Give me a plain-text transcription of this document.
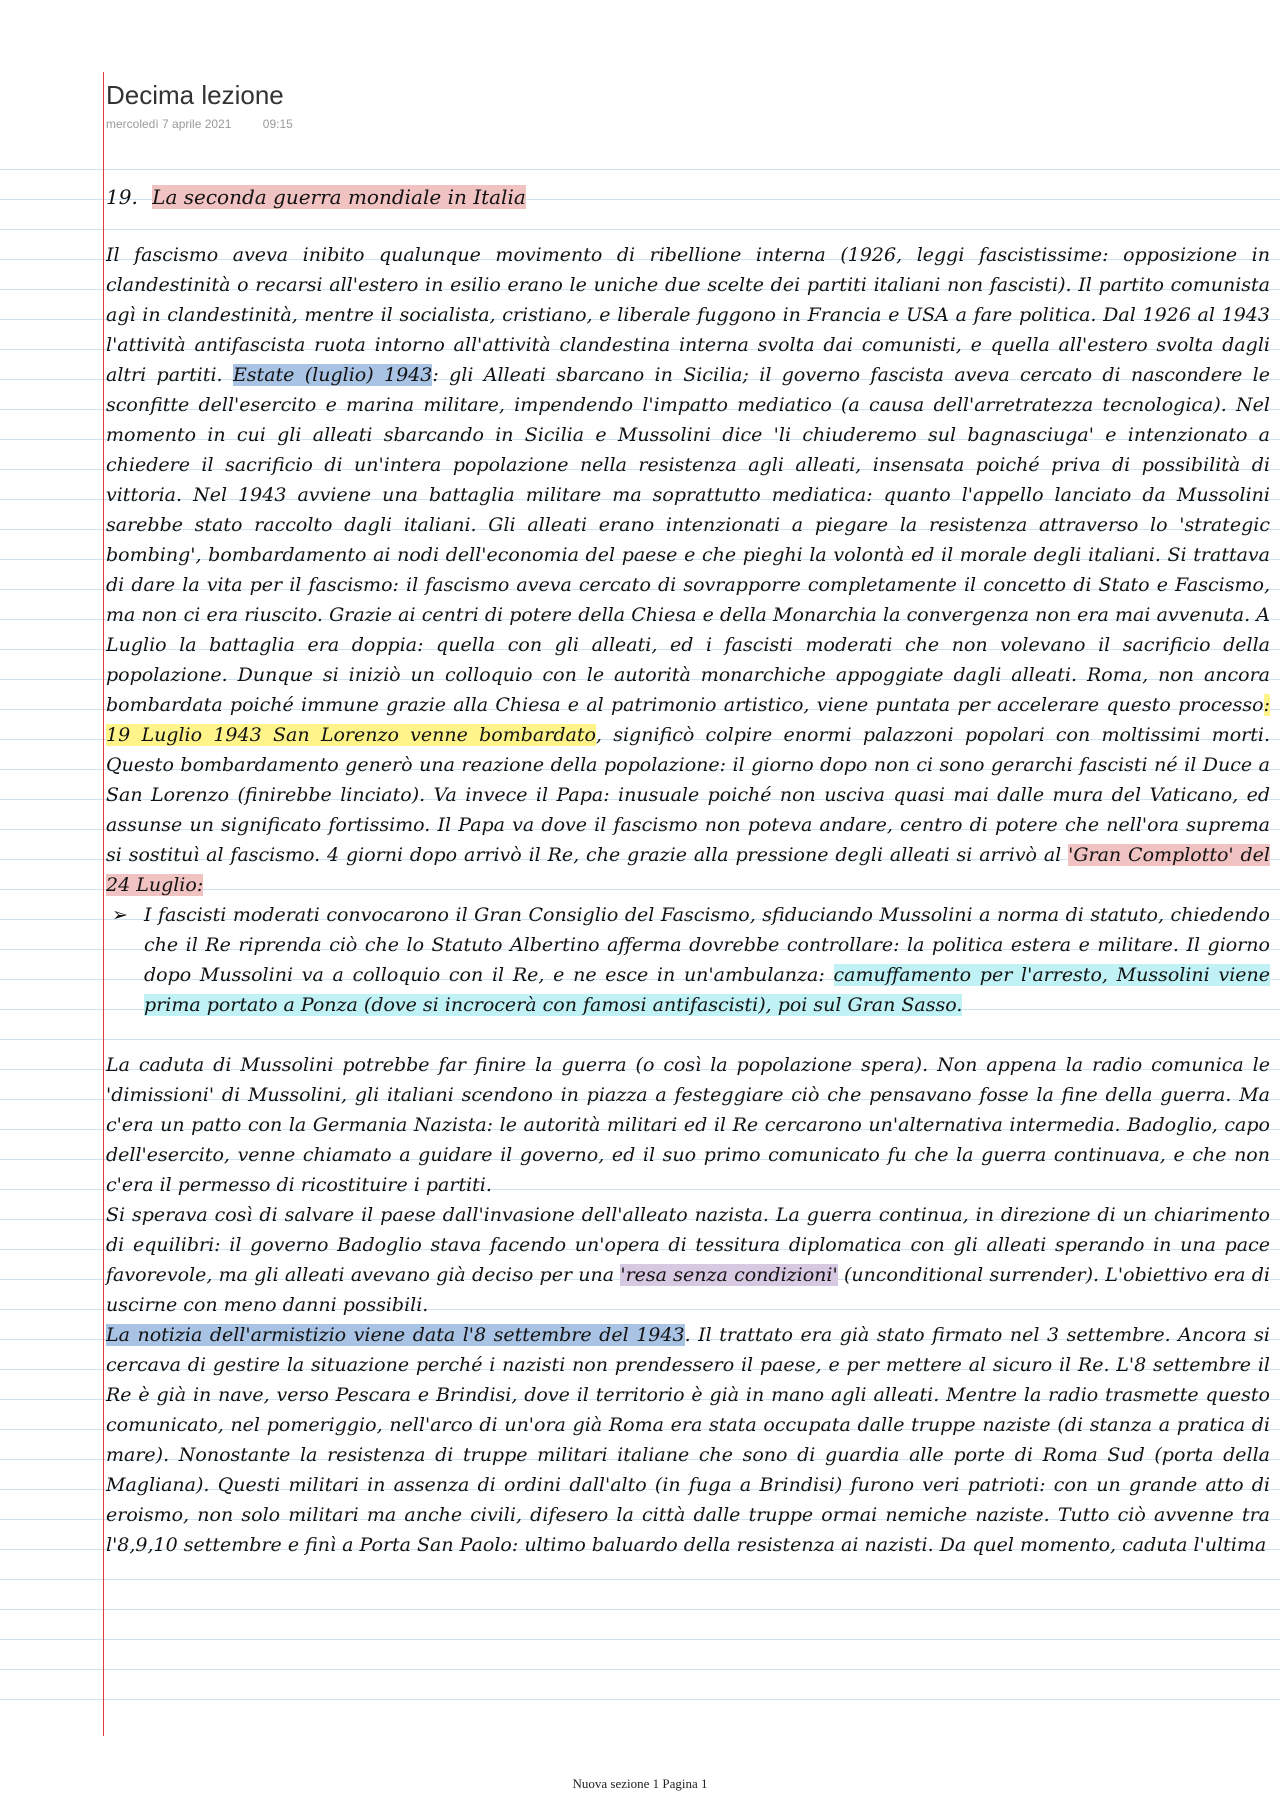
Decima lezione
mercoledì 7 aprile 2021	09:15
19. La seconda guerra mondiale in Italia

Il fascismo aveva inibito qualunque movimento di ribellione interna (1926, leggi fascistissime: opposizione in clandestinità o recarsi all'estero in esilio erano le uniche due scelte dei partiti italiani non fascisti). Il partito comunista agì in clandestinità, mentre il socialista, cristiano, e liberale fuggono in Francia e USA a fare politica. Dal 1926 al 1943 l'attività antifascista ruota intorno all'attività clandestina interna svolta dai comunisti, e quella all'estero svolta dagli altri partiti. Estate (luglio) 1943: gli Alleati sbarcano in Sicilia; il governo fascista aveva cercato di nascondere le sconfitte dell'esercito e marina militare, impendendo l'impatto mediatico (a causa dell'arretratezza tecnologica). Nel momento in cui gli alleati sbarcando in Sicilia e Mussolini dice 'li chiuderemo sul bagnasciuga' e intenzionato a chiedere il sacrificio di un'intera popolazione nella resistenza agli alleati, insensata poiché priva di possibilità di vittoria. Nel 1943 avviene una battaglia militare ma soprattutto mediatica: quanto l'appello lanciato da Mussolini sarebbe stato raccolto dagli italiani. Gli alleati erano intenzionati a piegare la resistenza attraverso lo 'strategic bombing', bombardamento ai nodi dell'economia del paese e che pieghi la volontà ed il morale degli italiani. Si trattava di dare la vita per il fascismo: il fascismo aveva cercato di sovrapporre completamente il concetto di Stato e Fascismo, ma non ci era riuscito. Grazie ai centri di potere della Chiesa e della Monarchia la convergenza non era mai avvenuta. A Luglio la battaglia era doppia: quella con gli alleati, ed i fascisti moderati che non volevano il sacrificio della popolazione. Dunque si iniziò un colloquio con le autorità monarchiche appoggiate dagli alleati. Roma, non ancora bombardata poiché immune grazie alla Chiesa e al patrimonio artistico, viene puntata per accelerare questo processo: 19 Luglio 1943 San Lorenzo venne bombardato, significò colpire enormi palazzoni popolari con moltissimi morti. Questo bombardamento generò una reazione della popolazione: il giorno dopo non ci sono gerarchi fascisti né il Duce a San Lorenzo (finirebbe linciato). Va invece il Papa: inusuale poiché non usciva quasi mai dalle mura del Vaticano, ed assunse un significato fortissimo. Il Papa va dove il fascismo non poteva andare, centro di potere che nell'ora suprema si sostituì al fascismo. 4 giorni dopo arrivò il Re, che grazie alla pressione degli alleati si arrivò al 'Gran Complotto' del 24 Luglio:

➢ I fascisti moderati convocarono il Gran Consiglio del Fascismo, sfiduciando Mussolini a norma di statuto, chiedendo che il Re riprenda ciò che lo Statuto Albertino afferma dovrebbe controllare: la politica estera e militare. Il giorno dopo Mussolini va a colloquio con il Re, e ne esce in un'ambulanza: camuffamento per l'arresto, Mussolini viene prima portato a Ponza (dove si incrocerà con famosi antifascisti), poi sul Gran Sasso.

La caduta di Mussolini potrebbe far finire la guerra (o così la popolazione spera). Non appena la radio comunica le 'dimissioni' di Mussolini, gli italiani scendono in piazza a festeggiare ciò che pensavano fosse la fine della guerra. Ma c'era un patto con la Germania Nazista: le autorità militari ed il Re cercarono un'alternativa intermedia. Badoglio, capo dell'esercito, venne chiamato a guidare il governo, ed il suo primo comunicato fu che la guerra continuava, e che non c'era il permesso di ricostituire i partiti.

Si sperava così di salvare il paese dall'invasione dell'alleato nazista. La guerra continua, in direzione di un chiarimento di equilibri: il governo Badoglio stava facendo un'opera di tessitura diplomatica con gli alleati sperando in una pace favorevole, ma gli alleati avevano già deciso per una 'resa senza condizioni' (unconditional surrender). L'obiettivo era di uscirne con meno danni possibili.

La notizia dell'armistizio viene data l'8 settembre del 1943. Il trattato era già stato firmato nel 3 settembre. Ancora si cercava di gestire la situazione perché i nazisti non prendessero il paese, e per mettere al sicuro il Re. L'8 settembre il Re è già in nave, verso Pescara e Brindisi, dove il territorio è già in mano agli alleati. Mentre la radio trasmette questo comunicato, nel pomeriggio, nell'arco di un'ora già Roma era stata occupata dalle truppe naziste (di stanza a pratica di mare). Nonostante la resistenza di truppe militari italiane che sono di guardia alle porte di Roma Sud (porta della Magliana). Questi militari in assenza di ordini dall'alto (in fuga a Brindisi) furono veri patrioti: con un grande atto di eroismo, non solo militari ma anche civili, difesero la città dalle truppe ormai nemiche naziste. Tutto ciò avvenne tra l'8,9,10 settembre e finì a Porta San Paolo: ultimo baluardo della resistenza ai nazisti. Da quel momento, caduta l'ultima

Nuova sezione 1 Pagina 1
